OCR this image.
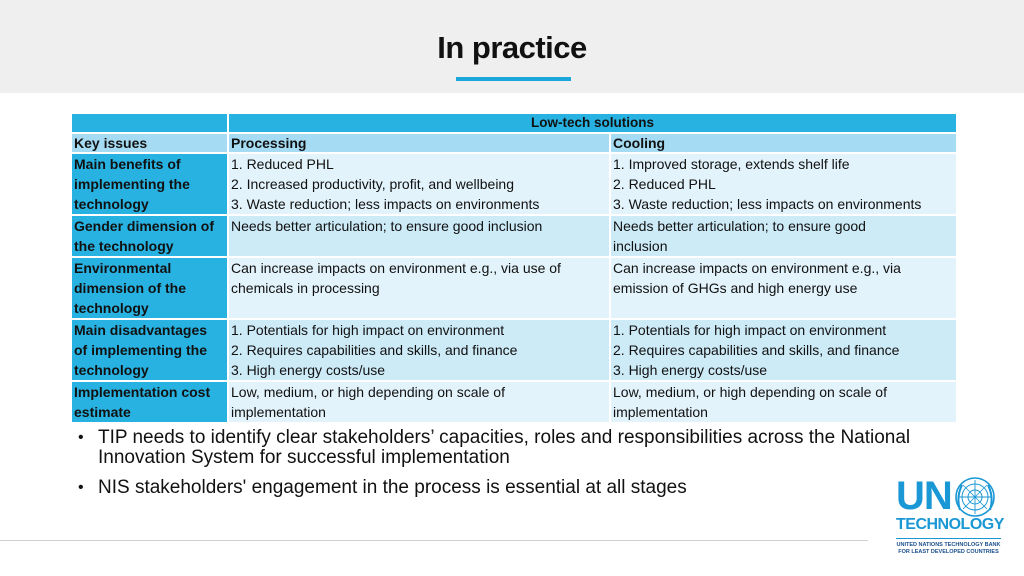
In practice
	Low-tech solutions	
Key issues	Processing	Cooling

Main benefits of
implementing the
technology	1. Reduced PHL
2. Increased productivity, profit, and wellbeing
3. Waste reduction; less impacts on environments	1. Improved storage, extends shelf life
2. Reduced PHL
3. Waste reduction; less impacts on environments

Gender dimension of
the technology	Needs better articulation; to ensure good inclusion	Needs better articulation; to ensure good
inclusion

Environmental
dimension of the
technology	Can increase impacts on environment e.g., via use of
chemicals in processing	Can increase impacts on environment e.g., via
emission of GHGs and high energy use

Main disadvantages
of implementing the
technology	1. Potentials for high impact on environment
2. Requires capabilities and skills, and finance
3. High energy costs/use	1. Potentials for high impact on environment
2. Requires capabilities and skills, and finance
3. High energy costs/use

Implementation cost
estimate	Low, medium, or high depending on scale of
implementation	Low, medium, or high depending on scale of
implementation
• TIP needs to identify clear stakeholders’ capacities, roles and responsibilities across the National Innovation System for successful implementation
• NIS stakeholders' engagement in the process is essential at all stages	UN
TECHNOLOGY
UNITED NATIONS TECHNOLOGY BANK
FOR LEAST DEVELOPED COUNTRIES
